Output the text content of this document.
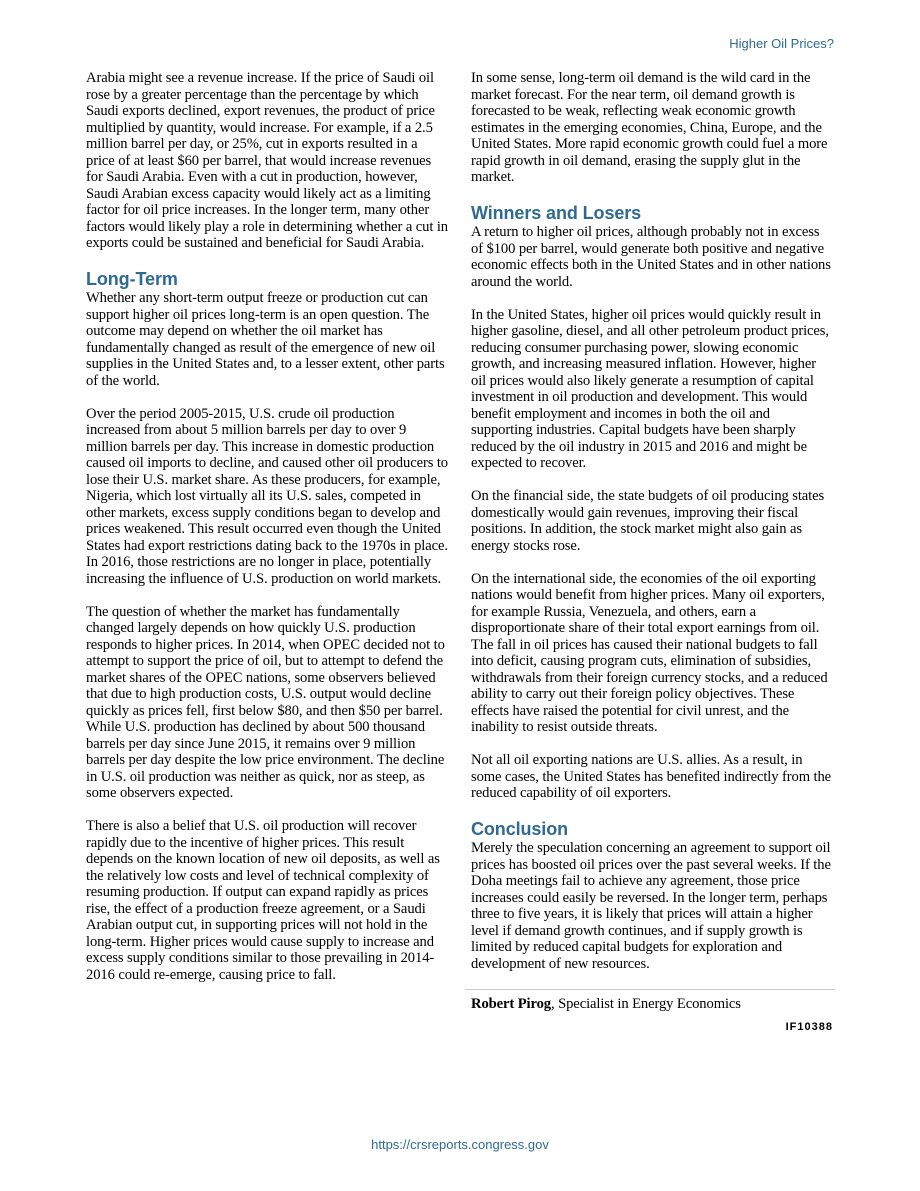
Higher Oil Prices?

Arabia might see a revenue increase. If the price of Saudi oil rose by a greater percentage than the percentage by which Saudi exports declined, export revenues, the product of price multiplied by quantity, would increase. For example, if a 2.5 million barrel per day, or 25%, cut in exports resulted in a price of at least $60 per barrel, that would increase revenues for Saudi Arabia. Even with a cut in production, however, Saudi Arabian excess capacity would likely act as a limiting factor for oil price increases. In the longer term, many other factors would likely play a role in determining whether a cut in exports could be sustained and beneficial for Saudi Arabia.

Long-Term

Whether any short-term output freeze or production cut can support higher oil prices long-term is an open question. The outcome may depend on whether the oil market has fundamentally changed as result of the emergence of new oil supplies in the United States and, to a lesser extent, other parts of the world.

Over the period 2005-2015, U.S. crude oil production increased from about 5 million barrels per day to over 9 million barrels per day. This increase in domestic production caused oil imports to decline, and caused other oil producers to lose their U.S. market share. As these producers, for example, Nigeria, which lost virtually all its U.S. sales, competed in other markets, excess supply conditions began to develop and prices weakened. This result occurred even though the United States had export restrictions dating back to the 1970s in place. In 2016, those restrictions are no longer in place, potentially increasing the influence of U.S. production on world markets.

The question of whether the market has fundamentally changed largely depends on how quickly U.S. production responds to higher prices. In 2014, when OPEC decided not to attempt to support the price of oil, but to attempt to defend the market shares of the OPEC nations, some observers believed that due to high production costs, U.S. output would decline quickly as prices fell, first below $80, and then $50 per barrel. While U.S. production has declined by about 500 thousand barrels per day since June 2015, it remains over 9 million barrels per day despite the low price environment. The decline in U.S. oil production was neither as quick, nor as steep, as some observers expected.

There is also a belief that U.S. oil production will recover rapidly due to the incentive of higher prices. This result depends on the known location of new oil deposits, as well as the relatively low costs and level of technical complexity of resuming production. If output can expand rapidly as prices rise, the effect of a production freeze agreement, or a Saudi Arabian output cut, in supporting prices will not hold in the long-term. Higher prices would cause supply to increase and excess supply conditions similar to those prevailing in 2014-2016 could re-emerge, causing price to fall.

In some sense, long-term oil demand is the wild card in the market forecast. For the near term, oil demand growth is forecasted to be weak, reflecting weak economic growth estimates in the emerging economies, China, Europe, and the United States. More rapid economic growth could fuel a more rapid growth in oil demand, erasing the supply glut in the market.

Winners and Losers

A return to higher oil prices, although probably not in excess of $100 per barrel, would generate both positive and negative economic effects both in the United States and in other nations around the world.

In the United States, higher oil prices would quickly result in higher gasoline, diesel, and all other petroleum product prices, reducing consumer purchasing power, slowing economic growth, and increasing measured inflation. However, higher oil prices would also likely generate a resumption of capital investment in oil production and development. This would benefit employment and incomes in both the oil and supporting industries. Capital budgets have been sharply reduced by the oil industry in 2015 and 2016 and might be expected to recover.

On the financial side, the state budgets of oil producing states domestically would gain revenues, improving their fiscal positions. In addition, the stock market might also gain as energy stocks rose.

On the international side, the economies of the oil exporting nations would benefit from higher prices. Many oil exporters, for example Russia, Venezuela, and others, earn a disproportionate share of their total export earnings from oil. The fall in oil prices has caused their national budgets to fall into deficit, causing program cuts, elimination of subsidies, withdrawals from their foreign currency stocks, and a reduced ability to carry out their foreign policy objectives. These effects have raised the potential for civil unrest, and the inability to resist outside threats.

Not all oil exporting nations are U.S. allies. As a result, in some cases, the United States has benefited indirectly from the reduced capability of oil exporters.

Conclusion

Merely the speculation concerning an agreement to support oil prices has boosted oil prices over the past several weeks. If the Doha meetings fail to achieve any agreement, those price increases could easily be reversed. In the longer term, perhaps three to five years, it is likely that prices will attain a higher level if demand growth continues, and if supply growth is limited by reduced capital budgets for exploration and development of new resources.

Robert Pirog, Specialist in Energy Economics
IF10388
https://crsreports.congress.gov
